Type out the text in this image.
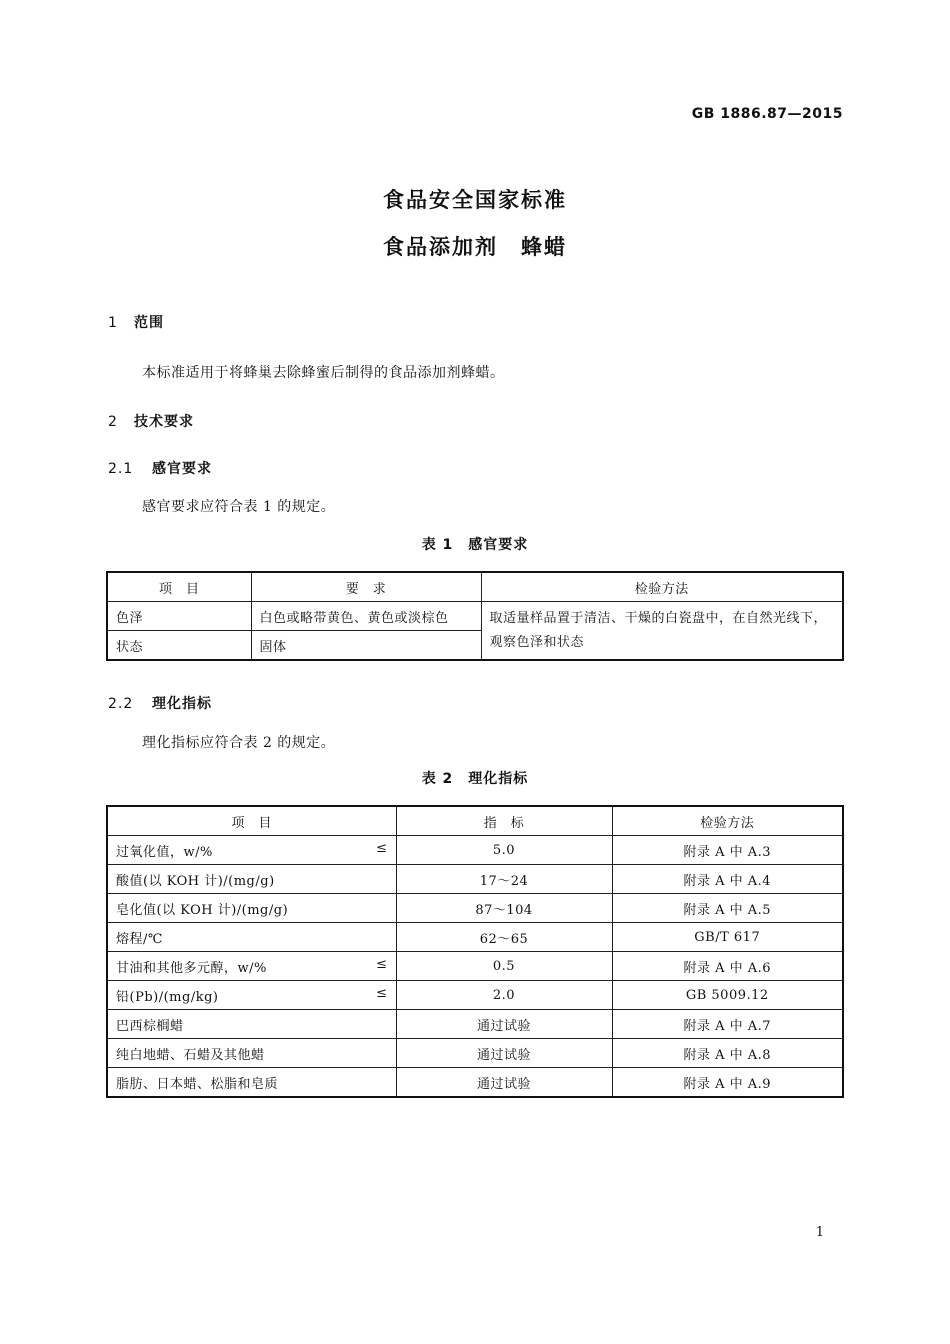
GB 1886.87—2015
食品安全国家标准
食品添加剂　蜂蜡
1 范围
本标准适用于将蜂巢去除蜂蜜后制得的食品添加剂蜂蜡。
2 技术要求
2.1 感官要求
感官要求应符合表 1 的规定。
表 1　感官要求
项　目	要　求	检验方法
色泽	白色或略带黄色、黄色或淡棕色	取适量样品置于清洁、干燥的白瓷盘中，在自然光线下，观察色泽和状态
状态	固体	
2.2 理化指标
理化指标应符合表 2 的规定。
表 2　理化指标
项　目	指　标	检验方法
过氧化值，w/% ≤	5.0	附录 A 中 A.3
酸值(以 KOH 计)/(mg/g)	17～24	附录 A 中 A.4
皂化值(以 KOH 计)/(mg/g)	87～104	附录 A 中 A.5
熔程/℃	62～65	GB/T 617
甘油和其他多元醇，w/% ≤	0.5	附录 A 中 A.6
铅(Pb)/(mg/kg) ≤	2.0	GB 5009.12
巴西棕榈蜡	通过试验	附录 A 中 A.7
纯白地蜡、石蜡及其他蜡	通过试验	附录 A 中 A.8
脂肪、日本蜡、松脂和皂质	通过试验	附录 A 中 A.9
1
